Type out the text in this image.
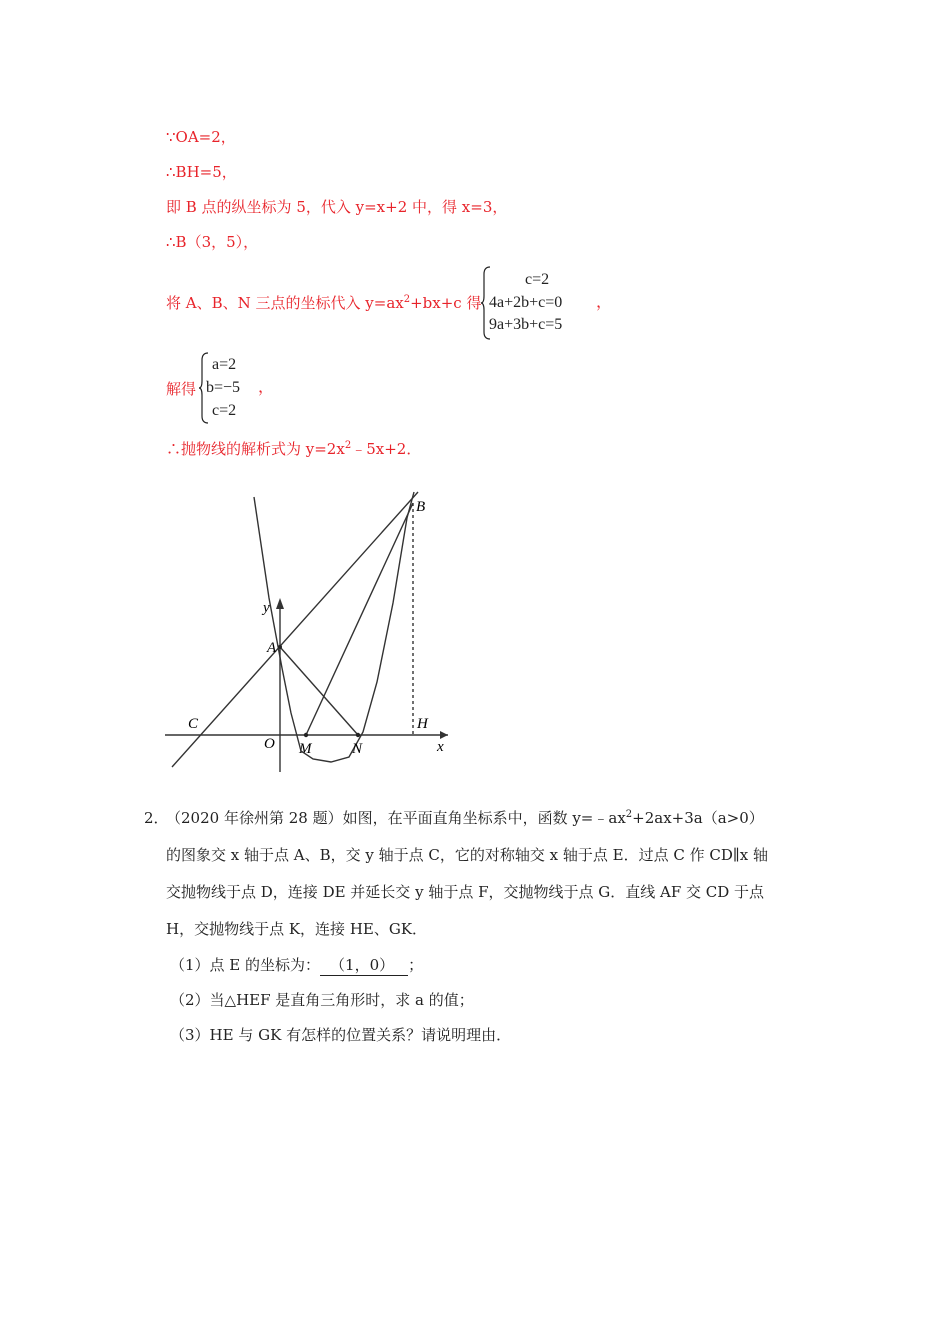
∵OA=2，
∴BH=5，
即 B 点的纵坐标为 5，代入 y=x+2 中，得 x=3，
∴B（3，5），
将 A、B、N 三点的坐标代入 $y=ax^2+bx+c$ 得
c=2
4a+2b+c=0 ，
9a+3b+c=5
解得
a=2
b=−5 ，
c=2
∴抛物线的解析式为 $y=2x^2﹣5x+2$．
B
y
A
C	H
O M	N	x
2．
（2020 年徐州第 28 题）如图，在平面直角坐标系中，函数 $y=﹣ax^2+2ax+3a(a>0)$
的图象交 x 轴于点 A、B，交 y 轴于点 C，它的对称轴交 x 轴于点 E．过点 C 作 CD∥x 轴
交抛物线于点 D，连接 DE 并延长交 y 轴于点 F，交抛物线于点 G．直线 AF 交 CD 于点
H，交抛物线于点 K，连接 HE、GK．
（1）点 E 的坐标为： （1，0） ；
（2）当△HEF 是直角三角形时，求 a 的值；
（3）HE 与 GK 有怎样的位置关系？请说明理由．
